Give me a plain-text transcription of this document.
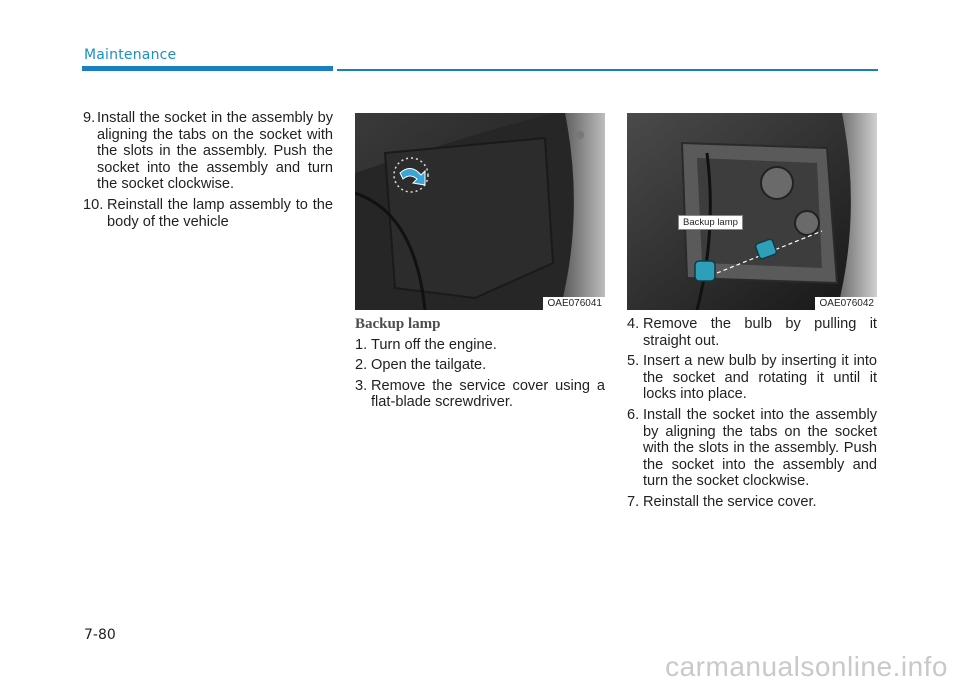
Maintenance
9. Install the socket in the assembly by aligning the tabs on the socket with the slots in the assembly. Push the socket into the assembly and turn the socket clockwise.
10. Reinstall the lamp assembly to the body of the vehicle
OAE076041
Backup lamp
1. Turn off the engine.
2. Open the tailgate.
3. Remove the service cover using a flat-blade screwdriver.
Backup lamp
OAE076042
4. Remove the bulb by pulling it straight out.
5. Insert a new bulb by inserting it into the socket and rotating it until it locks into place.
6. Install the socket into the assembly by aligning the tabs on the socket with the slots in the assembly. Push the socket into the assembly and turn the socket clockwise.
7. Reinstall the service cover.
7-80
carmanualsonline.info
